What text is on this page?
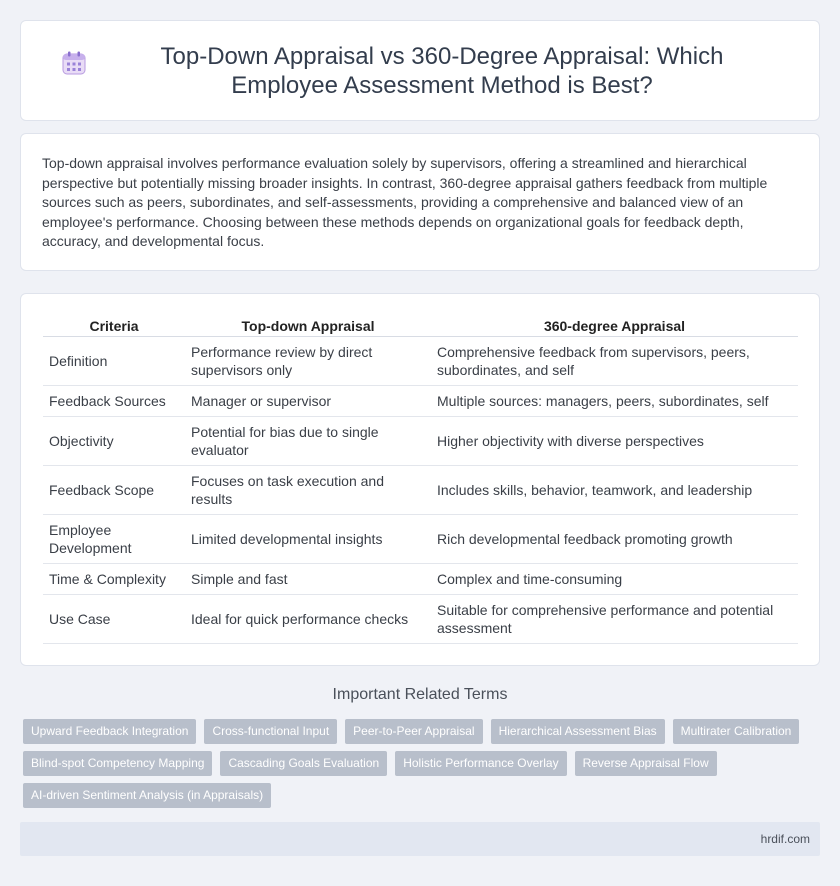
Top-Down Appraisal vs 360-Degree Appraisal: Which Employee Assessment Method is Best?

Top-down appraisal involves performance evaluation solely by supervisors, offering a streamlined and hierarchical perspective but potentially missing broader insights. In contrast, 360-degree appraisal gathers feedback from multiple sources such as peers, subordinates, and self-assessments, providing a comprehensive and balanced view of an employee's performance. Choosing between these methods depends on organizational goals for feedback depth, accuracy, and developmental focus.

Criteria	Top-down Appraisal	360-degree Appraisal
Definition	Performance review by direct supervisors only	Comprehensive feedback from supervisors, peers, subordinates, and self
Feedback Sources	Manager or supervisor	Multiple sources: managers, peers, subordinates, self
Objectivity	Potential for bias due to single evaluator	Higher objectivity with diverse perspectives
Feedback Scope	Focuses on task execution and results	Includes skills, behavior, teamwork, and leadership
Employee Development	Limited developmental insights	Rich developmental feedback promoting growth
Time & Complexity	Simple and fast	Complex and time-consuming
Use Case	Ideal for quick performance checks	Suitable for comprehensive performance and potential assessment
Important Related Terms
Upward Feedback Integration	Cross-functional Input	Peer-to-Peer Appraisal	Hierarchical Assessment Bias	Multirater Calibration
Blind-spot Competency Mapping	Cascading Goals Evaluation	Holistic Performance Overlay	Reverse Appraisal Flow
AI-driven Sentiment Analysis (in Appraisals)
hrdif.com
